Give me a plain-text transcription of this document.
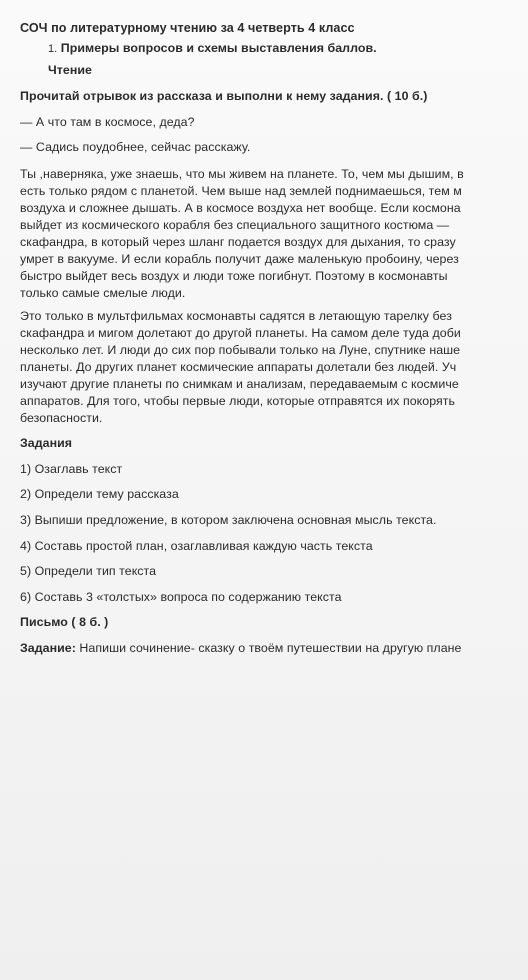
СОЧ по литературному чтению за 4 четверть 4 класс
1. Примеры вопросов и схемы выставления баллов.
Чтение
Прочитай отрывок из рассказа и выполни к нему задания. ( 10 б.)
— А что там в космосе, деда?
— Садись поудобнее, сейчас расскажу.
Ты ,наверняка, уже знаешь, что мы живем на планете. То, чем мы дышим, в
есть только рядом с планетой. Чем выше над землей поднимаешься, тем м
воздуха и сложнее дышать. А в космосе воздуха нет вообще. Если космона
выйдет из космического корабля без специального защитного костюма —
скафандра, в который через шланг подается воздух для дыхания, то сразу
умрет в вакууме. И если корабль получит даже маленькую пробоину, через
быстро выйдет весь воздух и люди тоже погибнут. Поэтому в космонавты
только самые смелые люди.
Это только в мультфильмах космонавты садятся в летающую тарелку без
скафандра и мигом долетают до другой планеты. На самом деле туда доби
несколько лет. И люди до сих пор побывали только на Луне, спутнике наше
планеты. До других планет космические аппараты долетали без людей. Уч
изучают другие планеты по снимкам и анализам, передаваемым с космиче
аппаратов. Для того, чтобы первые люди, которые отправятся их покорять
безопасности.
Задания
1) Озаглавь текст
2) Определи тему рассказа
3) Выпиши предложение, в котором заключена основная мысль текста.
4) Составь простой план, озаглавливая каждую часть текста
5) Определи тип текста
6) Составь 3 «толстых» вопроса по содержанию текста
Письмо ( 8 б. )
Задание: Напиши сочинение- сказку о твоём путешествии на другую плане
